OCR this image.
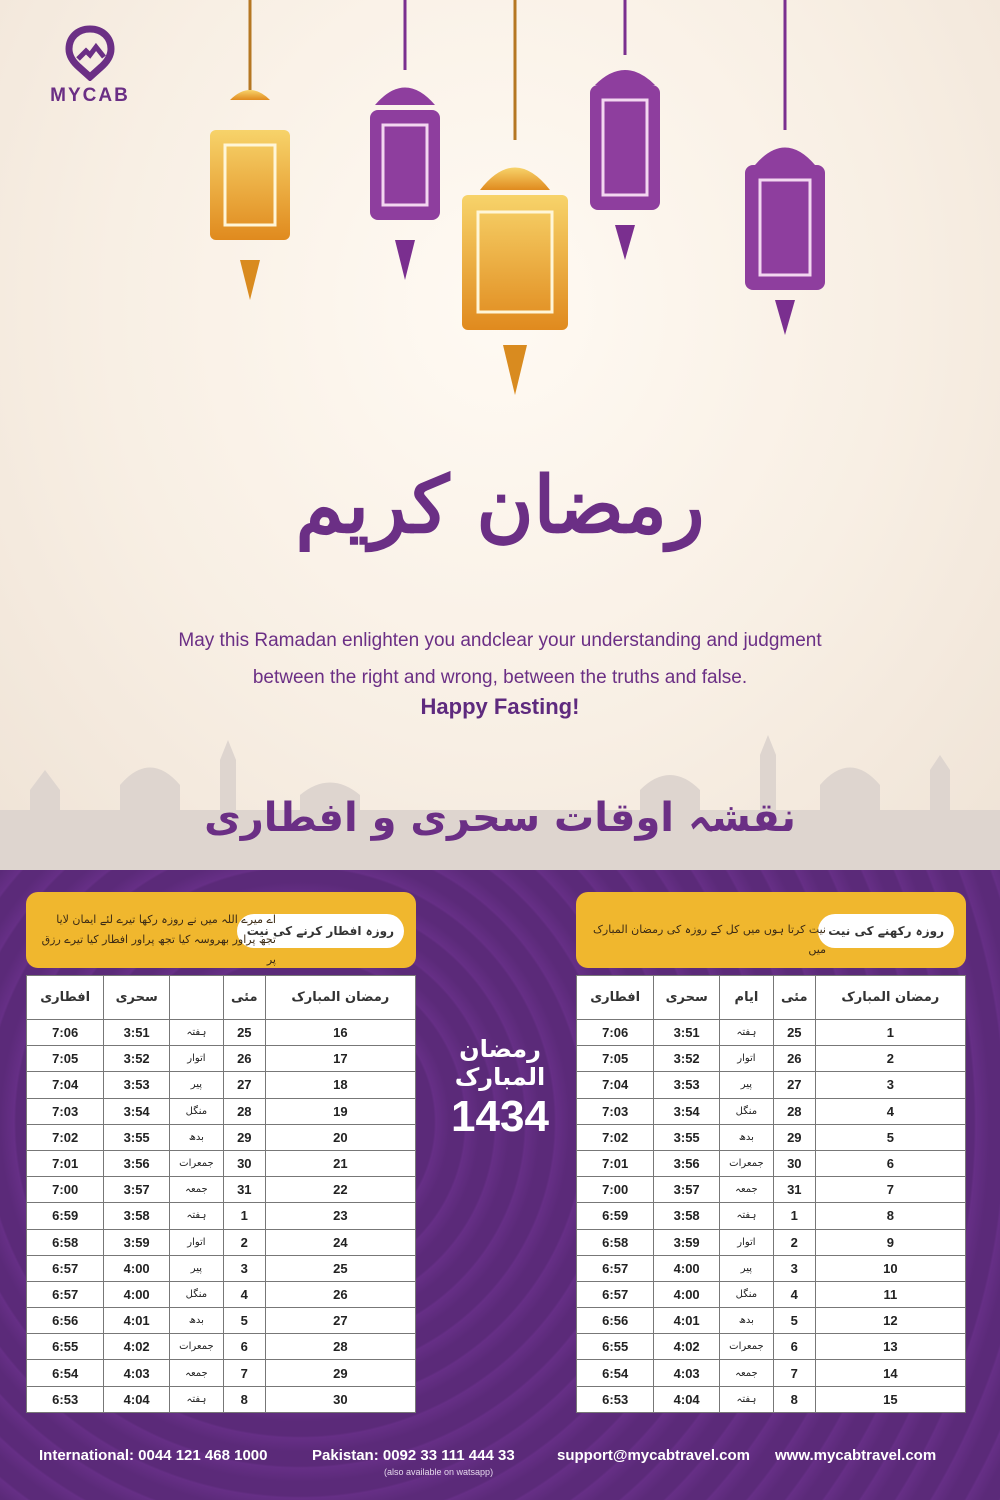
MYCAB
رمضان کریم
May this Ramadan enlighten you andclear your understanding and judgment
between the right and wrong, between the truths and false.
Happy Fasting!
نقشہ اوقات سحری و افطاری
روزہ افطار کرنے کی نیت
اے میرے اللہ میں نے روزہ رکھا تیرے لئے ایمان لایا تجھ پراور بھروسہ کیا تجھ پراور افطار کیا تیرے رزق پر
افطاری	سحری		مئی	رمضان المبارک
7:06	3:51	ہفتہ	25	16
7:05	3:52	اتوار	26	17
7:04	3:53	پیر	27	18
7:03	3:54	منگل	28	19
7:02	3:55	بدھ	29	20
7:01	3:56	جمعرات	30	21
7:00	3:57	جمعہ	31	22
6:59	3:58	ہفتہ	1	23
6:58	3:59	اتوار	2	24
6:57	4:00	پیر	3	25
6:57	4:00	منگل	4	26
6:56	4:01	بدھ	5	27
6:55	4:02	جمعرات	6	28
6:54	4:03	جمعہ	7	29
6:53	4:04	ہفتہ	8	30
رمضان المبارک
1434
روزہ رکھنے کی نیت
نیت کرتا ہوں میں کل کے روزہ کی رمضان المبارک میں
افطاری	سحری	ایام	مئی	رمضان المبارک
7:06	3:51	ہفتہ	25	1
7:05	3:52	اتوار	26	2
7:04	3:53	پیر	27	3
7:03	3:54	منگل	28	4
7:02	3:55	بدھ	29	5
7:01	3:56	جمعرات	30	6
7:00	3:57	جمعہ	31	7
6:59	3:58	ہفتہ	1	8
6:58	3:59	اتوار	2	9
6:57	4:00	پیر	3	10
6:57	4:00	منگل	4	11
6:56	4:01	بدھ	5	12
6:55	4:02	جمعرات	6	13
6:54	4:03	جمعہ	7	14
6:53	4:04	ہفتہ	8	15
International: 0044 121 468 1000	Pakistan: 0092 33 111 444 33
(also available on watsapp)
support@mycabtravel.com www.mycabtravel.com
